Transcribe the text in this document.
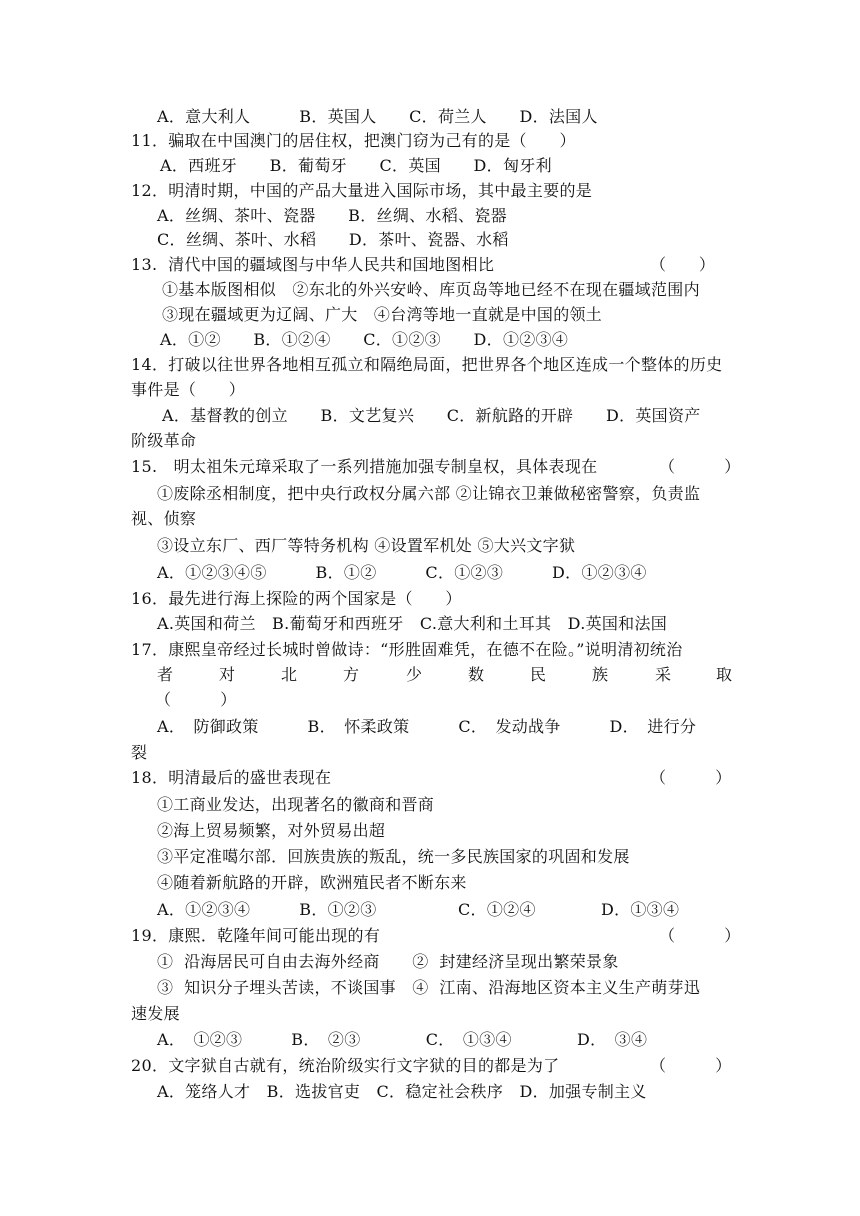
A．意大利人　　　B．英国人　　C．荷兰人　　D．法国人
11．骗取在中国澳门的居住权，把澳门窃为己有的是（　　）
A．西班牙　　B．葡萄牙　　C．英国　　D．匈牙利
12．明清时期，中国的产品大量进入国际市场，其中最主要的是
A．丝绸、茶叶、瓷器　　B．丝绸、水稻、瓷器
C．丝绸、茶叶、水稻　　D．茶叶、瓷器、水稻
13.  清代中国的疆域图与中华人民共和国地图相比	（　　）
①基本版图相似　②东北的外兴安岭、库页岛等地已经不在现在疆域范围内
③现在疆域更为辽阔、广大　④台湾等地一直就是中国的领土
A．①②　　B．①②④　　C．①②③　　D．①②③④
14．打破以往世界各地相互孤立和隔绝局面，把世界各个地区连成一个整体的历史
事件是（　　）
A．基督教的创立　　B．文艺复兴　　C．新航路的开辟　　D．英国资产
阶级革命
15.　明太祖朱元璋采取了一系列措施加强专制皇权，具体表现在	（　　　）
①废除丞相制度，把中央行政权分属六部 ②让锦衣卫兼做秘密警察，负责监
视、侦察
③设立东厂、西厂等特务机构 ④设置军机处 ⑤大兴文字狱
A．①②③④⑤　　　B．①②　　　C．①②③　　　D．①②③④
16．最先进行海上探险的两个国家是（　　）
A.英国和荷兰　B.葡萄牙和西班牙　C.意大利和土耳其　D.英国和法国
17．康熙皇帝经过长城时曾做诗：“形胜固难凭，在德不在险。”说明清初统治
者	对	北	方	少	数	民	族	采	取
（　　　）
A．　防御政策　　　B．　怀柔政策　　　C．　发动战争　　　D．　进行分
裂
18．明清最后的盛世表现在	（　　　）
①工商业发达，出现著名的徽商和晋商
②海上贸易频繁，对外贸易出超
③平定准噶尔部．回族贵族的叛乱，统一多民族国家的巩固和发展
④随着新航路的开辟，欧洲殖民者不断东来
A．①②③④　　　B．①②③　　　　　C．①②④　　　　D．①③④
19．康熙．乾隆年间可能出现的有	（　　　）
①  沿海居民可自由去海外经商　　②  封建经济呈现出繁荣景象
③  知识分子埋头苦读，不谈国事　④  江南、沿海地区资本主义生产萌芽迅
速发展
A．　①②③　　　B．　②③　　　　C．　①③④　　　　D．　③④
20．文字狱自古就有，统治阶级实行文字狱的目的都是为了	（　　　）
A．笼络人才　B．选拔官吏　C．稳定社会秩序　D．加强专制主义
